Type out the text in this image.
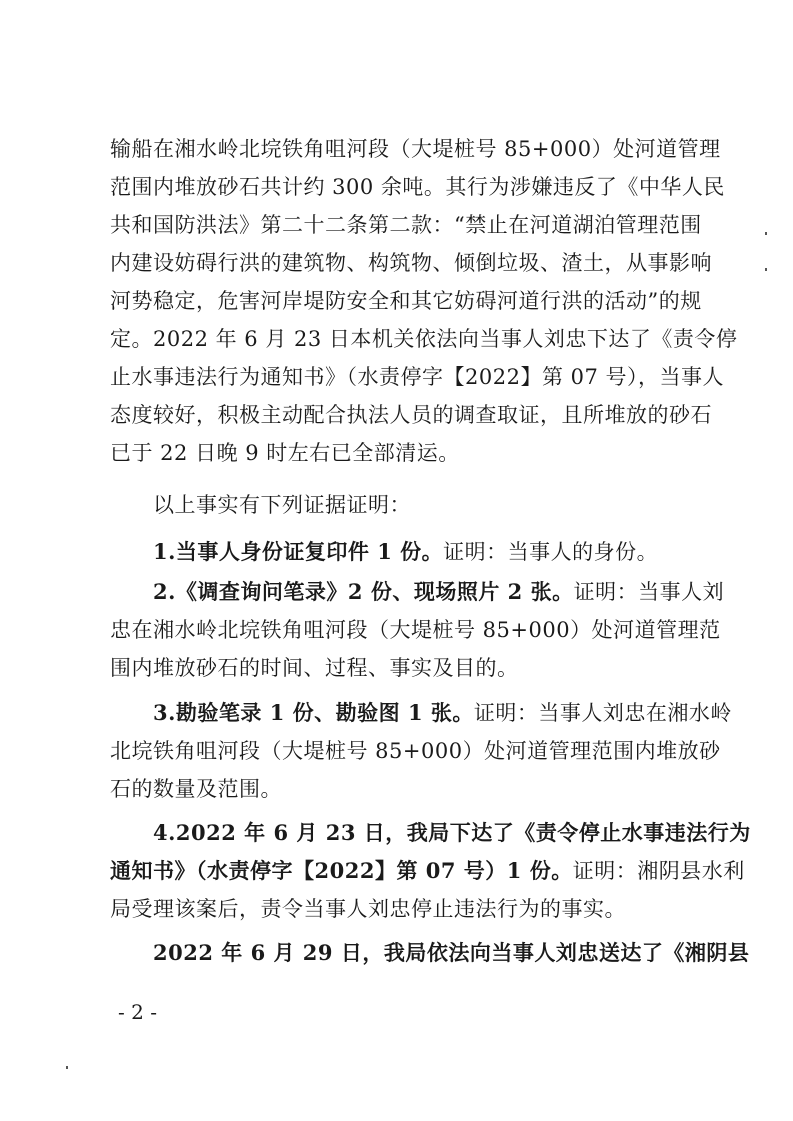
输船在湘水岭北垸铁角咀河段（大堤桩号 85+000）处河道管理
范围内堆放砂石共计约 300 余吨。其行为涉嫌违反了《中华人民
共和国防洪法》第二十二条第二款：“禁止在河道湖泊管理范围
内建设妨碍行洪的建筑物、构筑物、倾倒垃圾、渣土，从事影响
河势稳定，危害河岸堤防安全和其它妨碍河道行洪的活动”的规
定。2022 年 6 月 23 日本机关依法向当事人刘忠下达了《责令停
止水事违法行为通知书》（水责停字【2022】第 07 号），当事人
态度较好，积极主动配合执法人员的调查取证，且所堆放的砂石
已于 22 日晚 9 时左右已全部清运。
以上事实有下列证据证明：
1.当事人身份证复印件 1 份。证明：当事人的身份。
2.《调查询问笔录》2 份、现场照片 2 张。证明：当事人刘
忠在湘水岭北垸铁角咀河段（大堤桩号 85+000）处河道管理范
围内堆放砂石的时间、过程、事实及目的。
3.勘验笔录 1 份、勘验图 1 张。证明：当事人刘忠在湘水岭
北垸铁角咀河段（大堤桩号 85+000）处河道管理范围内堆放砂
石的数量及范围。
4.2022 年 6 月 23 日，我局下达了《责令停止水事违法行为
通知书》（水责停字【2022】第 07 号）1 份。证明：湘阴县水利
局受理该案后，责令当事人刘忠停止违法行为的事实。
2022 年 6 月 29 日，我局依法向当事人刘忠送达了《湘阴县
- 2 -
